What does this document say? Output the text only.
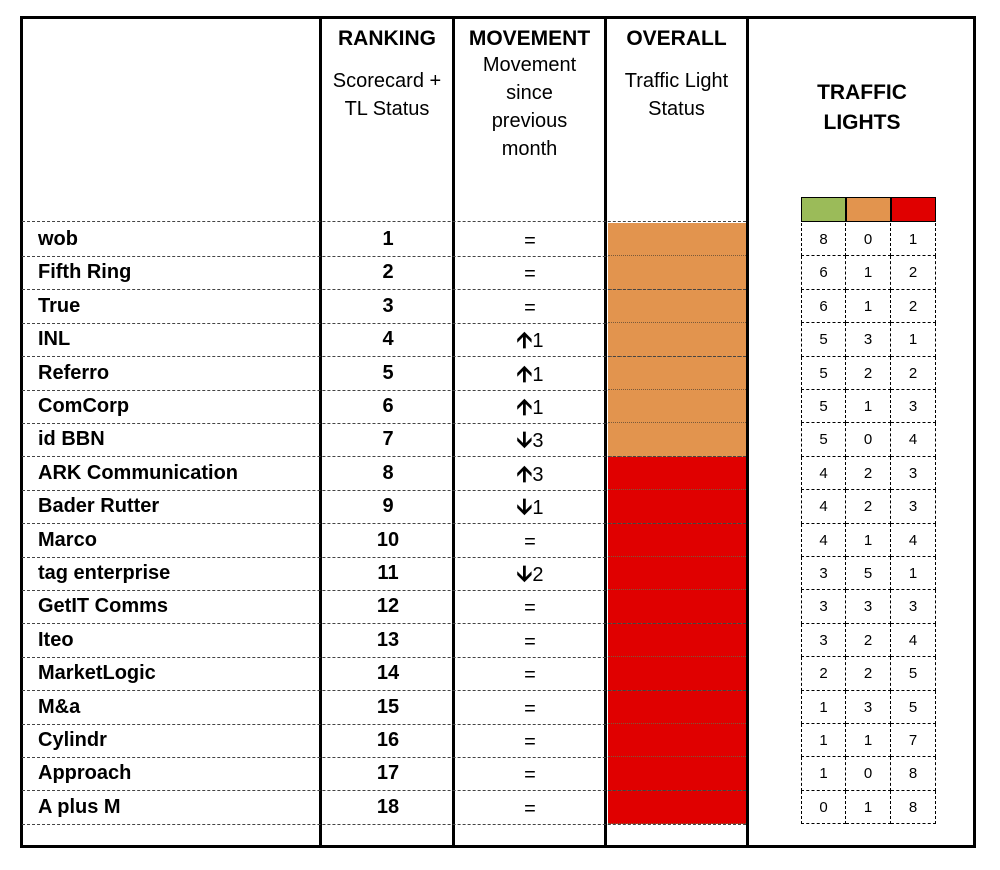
RANKING
Scorecard +
TL Status
MOVEMENT
Movement
since
previous
month
OVERALL
Traffic Light
Status
TRAFFIC
LIGHTS
wob	1	=	8	0	1
Fifth Ring	2	=	6	1	2
True	3	=	6	1	2
INL	4	🡩1	5	3	1
Referro	5	🡩1	5	2	2
ComCorp	6	🡩1	5	1	3
id BBN	7	🡫3	5	0	4
ARK Communication	8	🡩3	4	2	3
Bader Rutter	9	🡫1	4	2	3
Marco	10	=	4	1	4
tag enterprise	11	🡫2	3	5	1
GetIT Comms	12	=	3	3	3
Iteo	13	=	3	2	4
MarketLogic	14	=	2	2	5
M&a	15	=	1	3	5
Cylindr	16	=	1	1	7
Approach	17	=	1	0	8
A plus M	18	=	0	1	8
